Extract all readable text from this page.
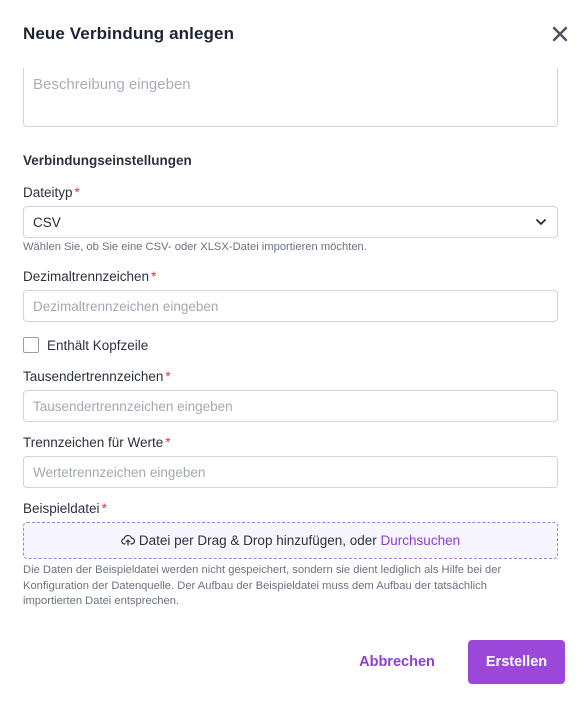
Neue Verbindung anlegen
Beschreibung eingeben
Verbindungseinstellungen
Dateityp *
CSV
Wählen Sie, ob Sie eine CSV- oder XLSX-Datei importieren möchten.
Dezimaltrennzeichen *
Dezimaltrennzeichen eingeben
Enthält Kopfzeile
Tausendertrennzeichen *
Tausendertrennzeichen eingeben
Trennzeichen für Werte *
Wertetrennzeichen eingeben
Beispieldatei *
Datei per Drag & Drop hinzufügen, oder Durchsuchen
Die Daten der Beispieldatei werden nicht gespeichert, sondern sie dient lediglich als Hilfe bei der
Konfiguration der Datenquelle. Der Aufbau der Beispieldatei muss dem Aufbau der tatsächlich
importierten Datei entsprechen.
Abbrechen	Erstellen
